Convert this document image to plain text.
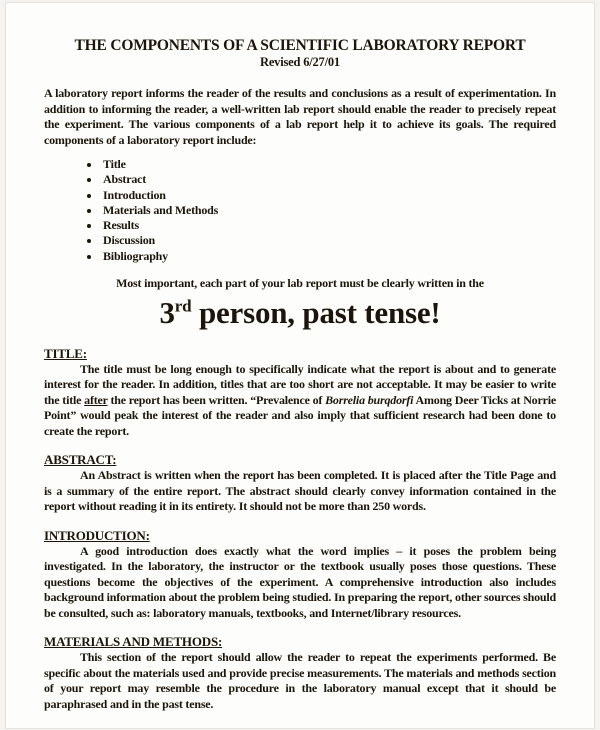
THE COMPONENTS OF A SCIENTIFIC LABORATORY REPORT
Revised 6/27/01

A laboratory report informs the reader of the results and conclusions as a result of experimentation. In addition to informing the reader, a well-written lab report should enable the reader to precisely repeat the experiment. The various components of a lab report help it to achieve its goals. The required components of a laboratory report include:

• Title
• Abstract
• Introduction
• Materials and Methods
• Results
• Discussion
• Bibliography

Most important, each part of your lab report must be clearly written in the

3rd person, past tense!
TITLE:

The title must be long enough to specifically indicate what the report is about and to generate interest for the reader. In addition, titles that are too short are not acceptable. It may be easier to write the title after the report has been written. “Prevalence of Borrelia burqdorfi Among Deer Ticks at Norrie Point” would peak the interest of the reader and also imply that sufficient research had been done to create the report.

ABSTRACT:

An Abstract is written when the report has been completed. It is placed after the Title Page and is a summary of the entire report. The abstract should clearly convey information contained in the report without reading it in its entirety. It should not be more than 250 words.

INTRODUCTION:

A good introduction does exactly what the word implies – it poses the problem being investigated. In the laboratory, the instructor or the textbook usually poses those questions. These questions become the objectives of the experiment. A comprehensive introduction also includes background information about the problem being studied. In preparing the report, other sources should be consulted, such as: laboratory manuals, textbooks, and Internet/library resources.

MATERIALS AND METHODS:

This section of the report should allow the reader to repeat the experiments performed. Be specific about the materials used and provide precise measurements. The materials and methods section of your report may resemble the procedure in the laboratory manual except that it should be paraphrased and in the past tense.
